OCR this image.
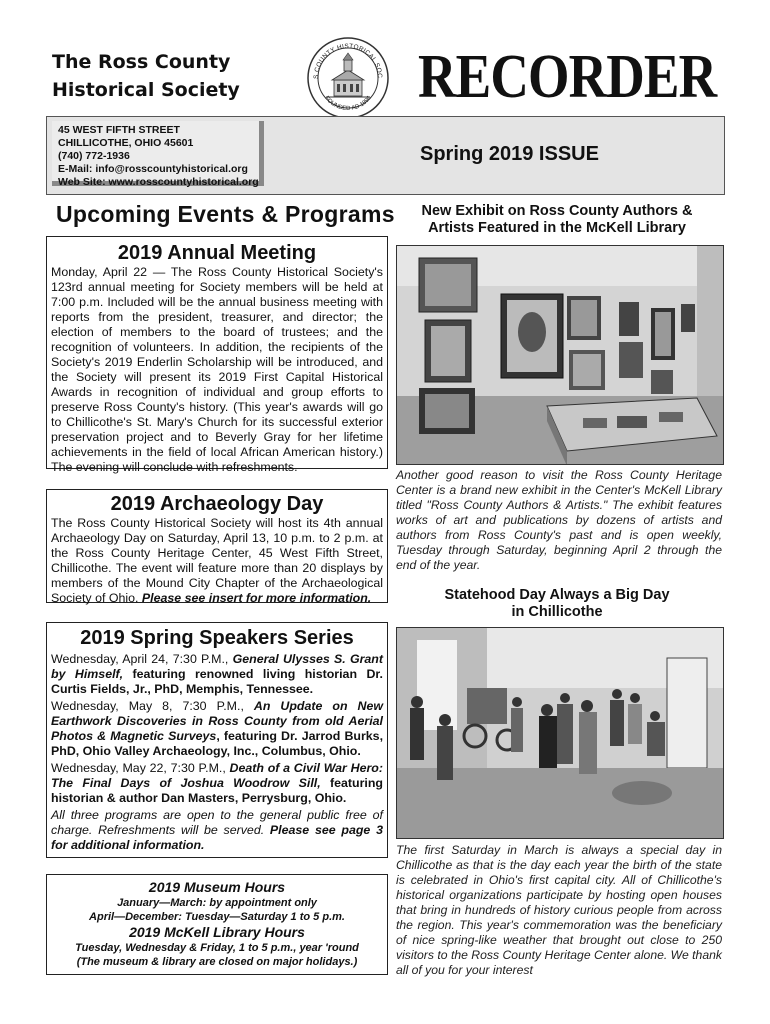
The Ross County
Historical Society
S COUNTY HISTORICAL SOC
FOUNDED AD 1896 RECORDER
45 WEST FIFTH STREET
CHILLICOTHE, OHIO 45601
(740) 772-1936
E-Mail: info@rosscountyhistorical.org
Web Site: www.rosscountyhistorical.org
Spring 2019 ISSUE
Upcoming Events & Programs
2019 Annual Meeting
Monday, April 22 — The Ross County Historical Society's 123rd annual meeting for Society members will be held at 7:00 p.m. Included will be the annual business meeting with reports from the president, treasurer, and director; the election of members to the board of trustees; and the recognition of volunteers. In addition, the recipients of the Society's 2019 Enderlin Scholarship will be introduced, and the Society will present its 2019 First Capital Historical Awards in recognition of individual and group efforts to preserve Ross County's history. (This year's awards will go to Chillicothe's St. Mary's Church for its successful exterior preservation project and to Beverly Gray for her lifetime achievements in the field of local African American history.) The evening will conclude with refreshments.
2019 Archaeology Day
The Ross County Historical Society will host its 4th annual Archaeology Day on Saturday, April 13, 10 p.m. to 2 p.m. at the Ross County Heritage Center, 45 West Fifth Street, Chillicothe. The event will feature more than 20 displays by members of the Mound City Chapter of the Archaeological Society of Ohio. Please see insert for more information.
2019 Spring Speakers Series

Wednesday, April 24, 7:30 P.M., General Ulysses S. Grant by Himself, featuring renowned living historian Dr. Curtis Fields, Jr., PhD, Memphis, Tennessee.

Wednesday, May 8, 7:30 P.M., An Update on New Earthwork Discoveries in Ross County from old Aerial Photos & Magnetic Surveys, featuring Dr. Jarrod Burks, PhD, Ohio Valley Archaeology, Inc., Columbus, Ohio.

Wednesday, May 22, 7:30 P.M., Death of a Civil War Hero: The Final Days of Joshua Woodrow Sill, featuring historian & author Dan Masters, Perrysburg, Ohio.

All three programs are open to the general public free of charge. Refreshments will be served. Please see page 3 for additional information.

2019 Museum Hours
January—March: by appointment only
April—December: Tuesday—Saturday 1 to 5 p.m.
2019 McKell Library Hours
Tuesday, Wednesday & Friday, 1 to 5 p.m., year 'round
(The museum & library are closed on major holidays.)
New Exhibit on Ross County Authors & Artists Featured in the McKell Library
Another good reason to visit the Ross County Heritage Center is a brand new exhibit in the Center's McKell Library titled "Ross County Authors & Artists." The exhibit features works of art and publications by dozens of artists and authors from Ross County's past and is open weekly, Tuesday through Saturday, beginning April 2 through the end of the year.
Statehood Day Always a Big Day
in Chillicothe
The first Saturday in March is always a special day in Chillicothe as that is the day each year the birth of the state is celebrated in Ohio's first capital city. All of Chillicothe's historical organizations participate by hosting open houses that bring in hundreds of history curious people from across the region. This year's commemoration was the beneficiary of nice spring-like weather that brought out close to 250 visitors to the Ross County Heritage Center alone. We thank all of you for your interest
